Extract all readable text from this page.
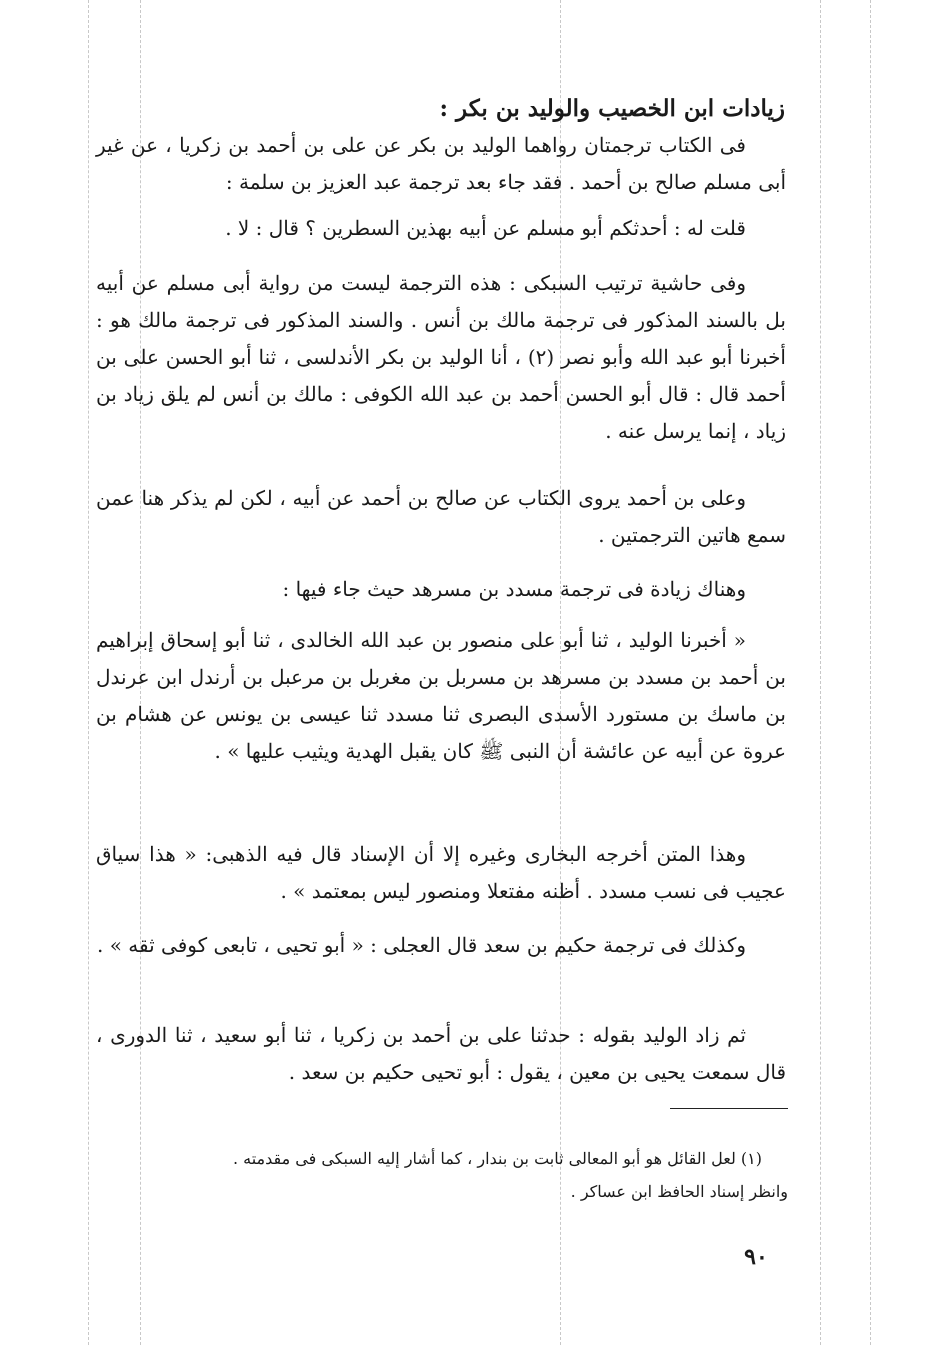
زيادات ابن الخصيب والوليد بن بكر :

فى الكتاب ترجمتان رواهما الوليد بن بكر عن على بن أحمد بن زكريا ، عن غير أبى مسلم صالح بن أحمد . فقد جاء بعد ترجمة عبد العزيز بن سلمة :

قلت له : أحدثكم أبو مسلم عن أبيه بهذين السطرين ؟ قال : لا .

وفى حاشية ترتيب السبكى : هذه الترجمة ليست من رواية أبى مسلم عن أبيه بل بالسند المذكور فى ترجمة مالك بن أنس . والسند المذكور فى ترجمة مالك هو : أخبرنا أبو عبد الله وأبو نصر (٢) ، أنا الوليد بن بكر الأندلسى ، ثنا أبو الحسن على بن أحمد قال : قال أبو الحسن أحمد بن عبد الله الكوفى : مالك بن أنس لم يلق زياد بن زياد ، إنما يرسل عنه .

وعلى بن أحمد يروى الكتاب عن صالح بن أحمد عن أبيه ، لكن لم يذكر هنا عمن سمع هاتين الترجمتين .

وهناك زيادة فى ترجمة مسدد بن مسرهد حيث جاء فيها :

« أخبرنا الوليد ، ثنا أبو على منصور بن عبد الله الخالدى ، ثنا أبو إسحاق إبراهيم بن أحمد بن مسدد بن مسرهد بن مسربل بن مغربل بن مرعبل بن أرندل ابن عرندل بن ماسك بن مستورد الأسدى البصرى ثنا مسدد ثنا عيسى بن يونس عن هشام بن عروة عن أبيه عن عائشة أن النبى ﷺ كان يقبل الهدية ويثيب عليها » .

وهذا المتن أخرجه البخارى وغيره إلا أن الإسناد قال فيه الذهبى: « هذا سياق عجيب فى نسب مسدد . أظنه مفتعلا ومنصور ليس بمعتمد » .

وكذلك فى ترجمة حكيم بن سعد قال العجلى : « أبو تحيى ، تابعى كوفى ثقه » .

ثم زاد الوليد بقوله : حدثنا على بن أحمد بن زكريا ، ثنا أبو سعيد ، ثنا الدورى ، قال سمعت يحيى بن معين ، يقول : أبو تحيى حكيم بن سعد .

(١) لعل القائل هو أبو المعالى ثابت بن بندار ، كما أشار إليه السبكى فى مقدمته .

وانظر إسناد الحافظ ابن عساكر .

٩٠
